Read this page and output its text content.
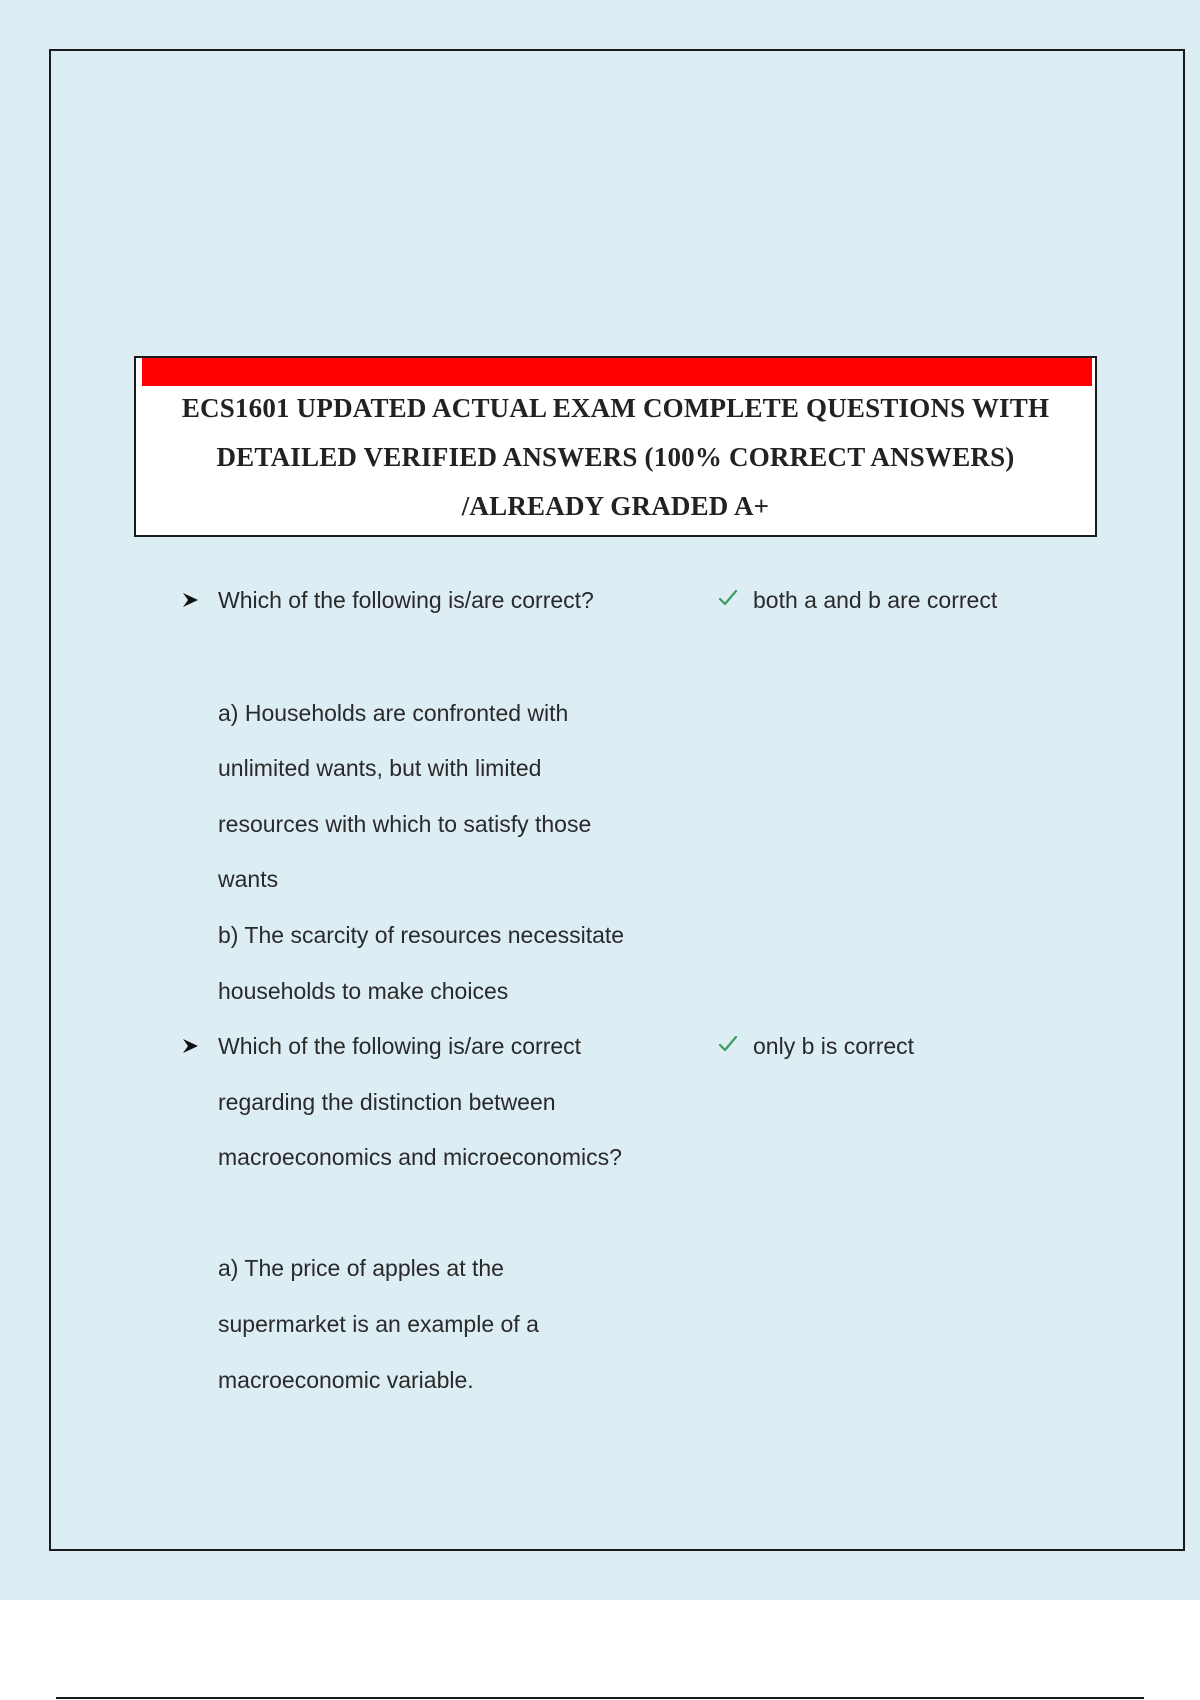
ECS1601 UPDATED ACTUAL EXAM COMPLETE QUESTIONS WITH
DETAILED VERIFIED ANSWERS (100% CORRECT ANSWERS)
/ALREADY GRADED A+
Which of the following is/are correct?	both a and b are correct
a) Households are confronted with
unlimited wants, but with limited
resources with which to satisfy those
wants
b) The scarcity of resources necessitate
households to make choices
Which of the following is/are correct
regarding the distinction between
macroeconomics and microeconomics?
only b is correct
a) The price of apples at the
supermarket is an example of a
macroeconomic variable.
